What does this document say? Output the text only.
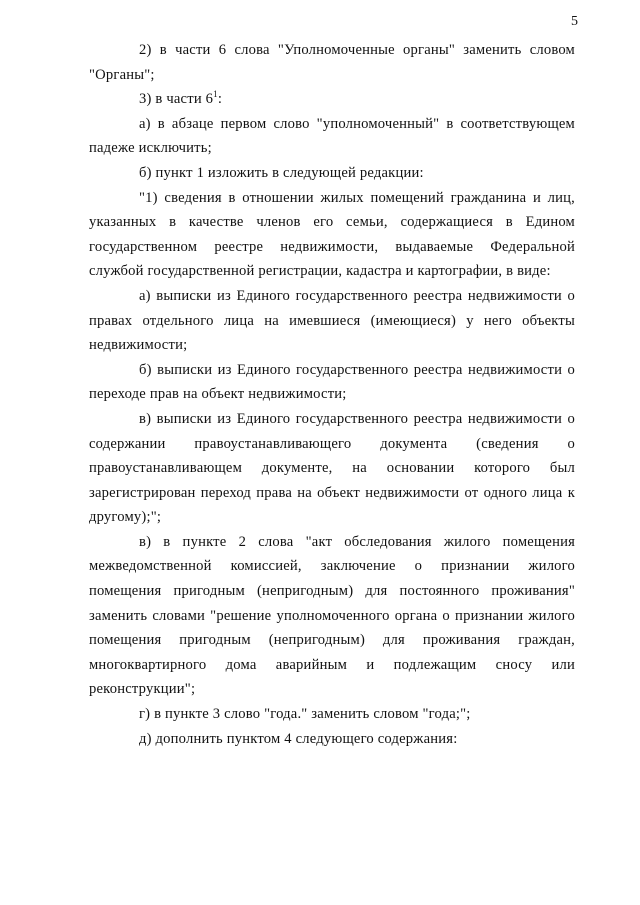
5

2) в части 6 слова "Уполномоченные органы" заменить словом "Органы";

3) в части $6^1$:

а) в абзаце первом слово "уполномоченный" в соответствующем падеже исключить;

б) пункт 1 изложить в следующей редакции:

"1) сведения в отношении жилых помещений гражданина и лиц, указанных в качестве членов его семьи, содержащиеся в Едином государственном реестре недвижимости, выдаваемые Федеральной службой государственной регистрации, кадастра и картографии, в виде:

а) выписки из Единого государственного реестра недвижимости о правах отдельного лица на имевшиеся (имеющиеся) у него объекты недвижимости;

б) выписки из Единого государственного реестра недвижимости о переходе прав на объект недвижимости;

в) выписки из Единого государственного реестра недвижимости о содержании правоустанавливающего документа (сведения о правоустанавливающем документе, на основании которого был зарегистрирован переход права на объект недвижимости от одного лица к другому);";

в) в пункте 2 слова "акт обследования жилого помещения межведомственной комиссией, заключение о признании жилого помещения пригодным (непригодным) для постоянного проживания" заменить словами "решение уполномоченного органа о признании жилого помещения пригодным (непригодным) для проживания граждан, многоквартирного дома аварийным и подлежащим сносу или реконструкции";

г) в пункте 3 слово "года." заменить словом "года;";

д) дополнить пунктом 4 следующего содержания:
